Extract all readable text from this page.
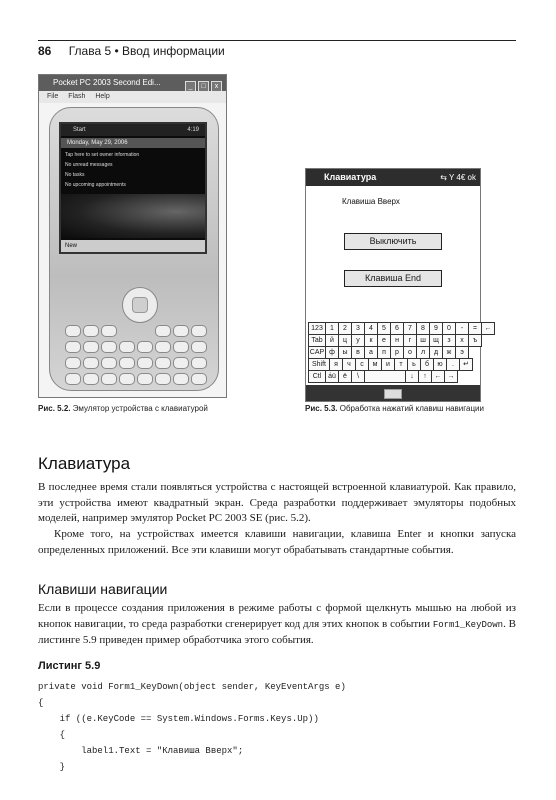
86 Глава 5 • Ввод информации
Pocket PC 2003 Second Edi...	_ □ x
File Flash Help
Start	4:19
Monday, May 29, 2006
Tap here to set owner information
No unread messages
No tasks
No upcoming appointments
New
Рис. 5.2. Эмулятор устройства с клавиатурой
Клавиатура	⇆ Y 4€ ok
Клавиша Вверх
Выключить
Клавиша End
123	1	2	3	4	5	6	7	8	9	0	-	=	←
Tab	й	ц	у	к	е	н	г	ш	щ	з	х	ъ
CAP ф	ы	в	а	п	р	о	л	д	ж	э
Shift	я	ч	с	м	и	т	ь	б	ю	.	↵
Ctl áü	ё	\	↓	↑	← →
Рис. 5.3. Обработка нажатий клавиш навигации
Клавиатура
В последнее время стали появляться устройства с настоящей встроенной клавиатурой. Как правило, эти устройства имеют квадратный экран. Среда разработки поддерживает эмуляторы подобных моделей, например эмулятор Pocket PC 2003 SE (рис. 5.2).
Кроме того, на устройствах имеется клавиши навигации, клавиша Enter и кнопки запуска определенных приложений. Все эти клавиши могут обрабатывать стандартные события.
Клавиши навигации
Если в процессе создания приложения в режиме работы с формой щелкнуть мышью на любой из кнопок навигации, то среда разработки сгенерирует код для этих кнопок в событии Form1_KeyDown. В листинге 5.9 приведен пример обработчика этого события.
Листинг 5.9
private void Form1_KeyDown(object sender, KeyEventArgs e)
{
if ((e.KeyCode == System.Windows.Forms.Keys.Up))
{
label1.Text = "Клавиша Вверх";
}
